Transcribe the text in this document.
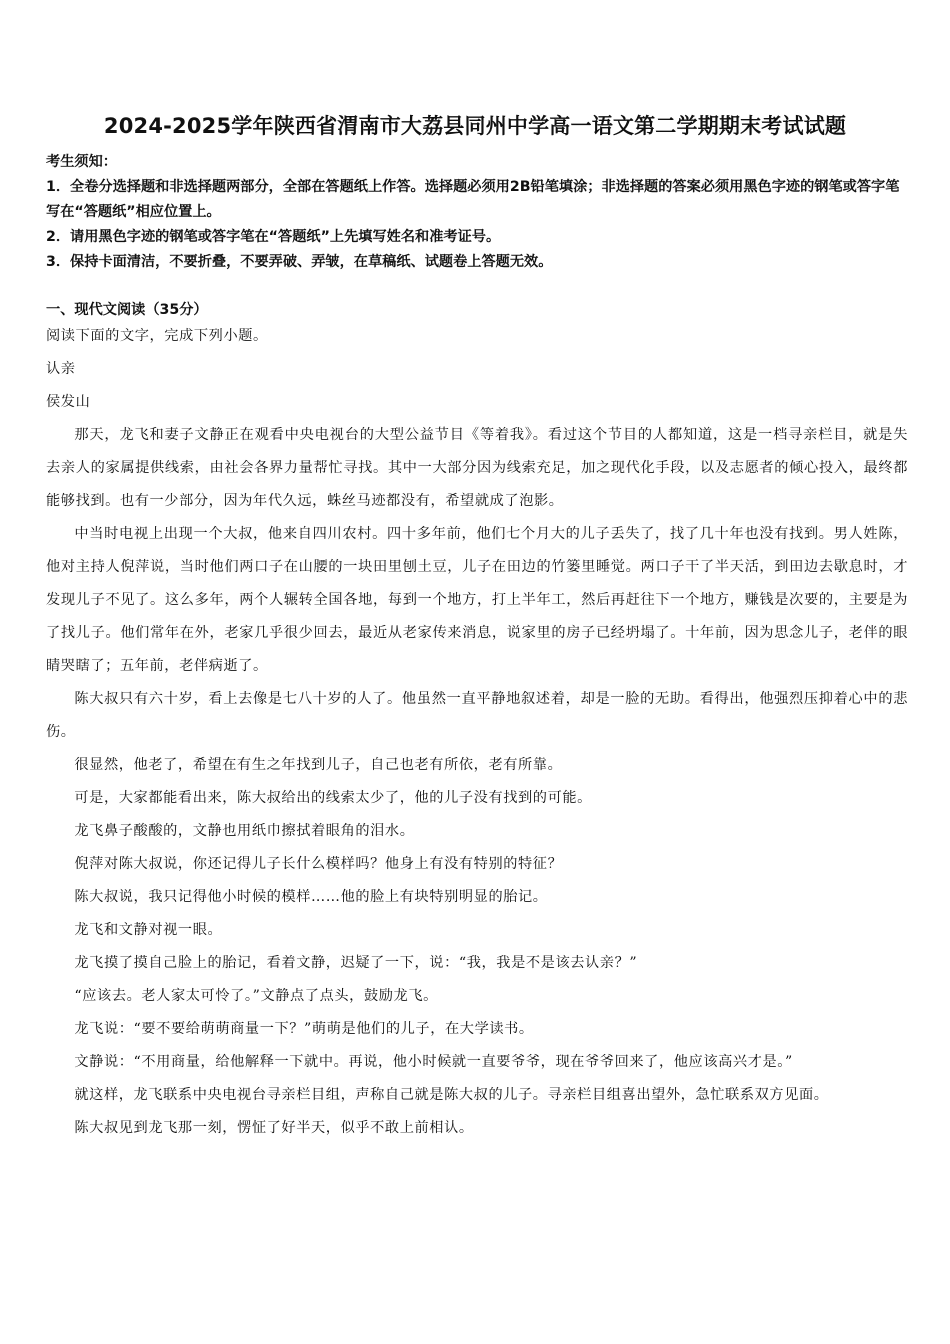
2024-2025学年陕西省渭南市大荔县同州中学高一语文第二学期期末考试试题
考生须知：
1．全卷分选择题和非选择题两部分，全部在答题纸上作答。选择题必须用2B铅笔填涂；非选择题的答案必须用黑色字迹的钢笔或答字笔写在“答题纸”相应位置上。
2．请用黑色字迹的钢笔或答字笔在“答题纸”上先填写姓名和准考证号。
3．保持卡面清洁，不要折叠，不要弄破、弄皱，在草稿纸、试题卷上答题无效。
一、现代文阅读（35分）

阅读下面的文字，完成下列小题。

认亲

侯发山

那天，龙飞和妻子文静正在观看中央电视台的大型公益节目《等着我》。看过这个节目的人都知道，这是一档寻亲栏目，就是失去亲人的家属提供线索，由社会各界力量帮忙寻找。其中一大部分因为线索充足，加之现代化手段，以及志愿者的倾心投入，最终都能够找到。也有一少部分，因为年代久远，蛛丝马迹都没有，希望就成了泡影。

中当时电视上出现一个大叔，他来自四川农村。四十多年前，他们七个月大的儿子丢失了，找了几十年也没有找到。男人姓陈，他对主持人倪萍说，当时他们两口子在山腰的一块田里刨土豆，儿子在田边的竹篓里睡觉。两口子干了半天活，到田边去歇息时，才发现儿子不见了。这么多年，两个人辗转全国各地，每到一个地方，打上半年工，然后再赶往下一个地方，赚钱是次要的，主要是为了找儿子。他们常年在外，老家几乎很少回去，最近从老家传来消息，说家里的房子已经坍塌了。十年前，因为思念儿子，老伴的眼睛哭瞎了；五年前，老伴病逝了。

陈大叔只有六十岁，看上去像是七八十岁的人了。他虽然一直平静地叙述着，却是一脸的无助。看得出，他强烈压抑着心中的悲伤。

很显然，他老了，希望在有生之年找到儿子，自己也老有所依，老有所靠。

可是，大家都能看出来，陈大叔给出的线索太少了，他的儿子没有找到的可能。

龙飞鼻子酸酸的，文静也用纸巾擦拭着眼角的泪水。

倪萍对陈大叔说，你还记得儿子长什么模样吗？他身上有没有特别的特征？

陈大叔说，我只记得他小时候的模样……他的脸上有块特别明显的胎记。

龙飞和文静对视一眼。

龙飞摸了摸自己脸上的胎记，看着文静，迟疑了一下，说：“我，我是不是该去认亲？”

“应该去。老人家太可怜了。”文静点了点头，鼓励龙飞。

龙飞说：“要不要给萌萌商量一下？”萌萌是他们的儿子，在大学读书。

文静说：“不用商量，给他解释一下就中。再说，他小时候就一直要爷爷，现在爷爷回来了，他应该高兴才是。”

就这样，龙飞联系中央电视台寻亲栏目组，声称自己就是陈大叔的儿子。寻亲栏目组喜出望外，急忙联系双方见面。

陈大叔见到龙飞那一刻，愣怔了好半天，似乎不敢上前相认。
